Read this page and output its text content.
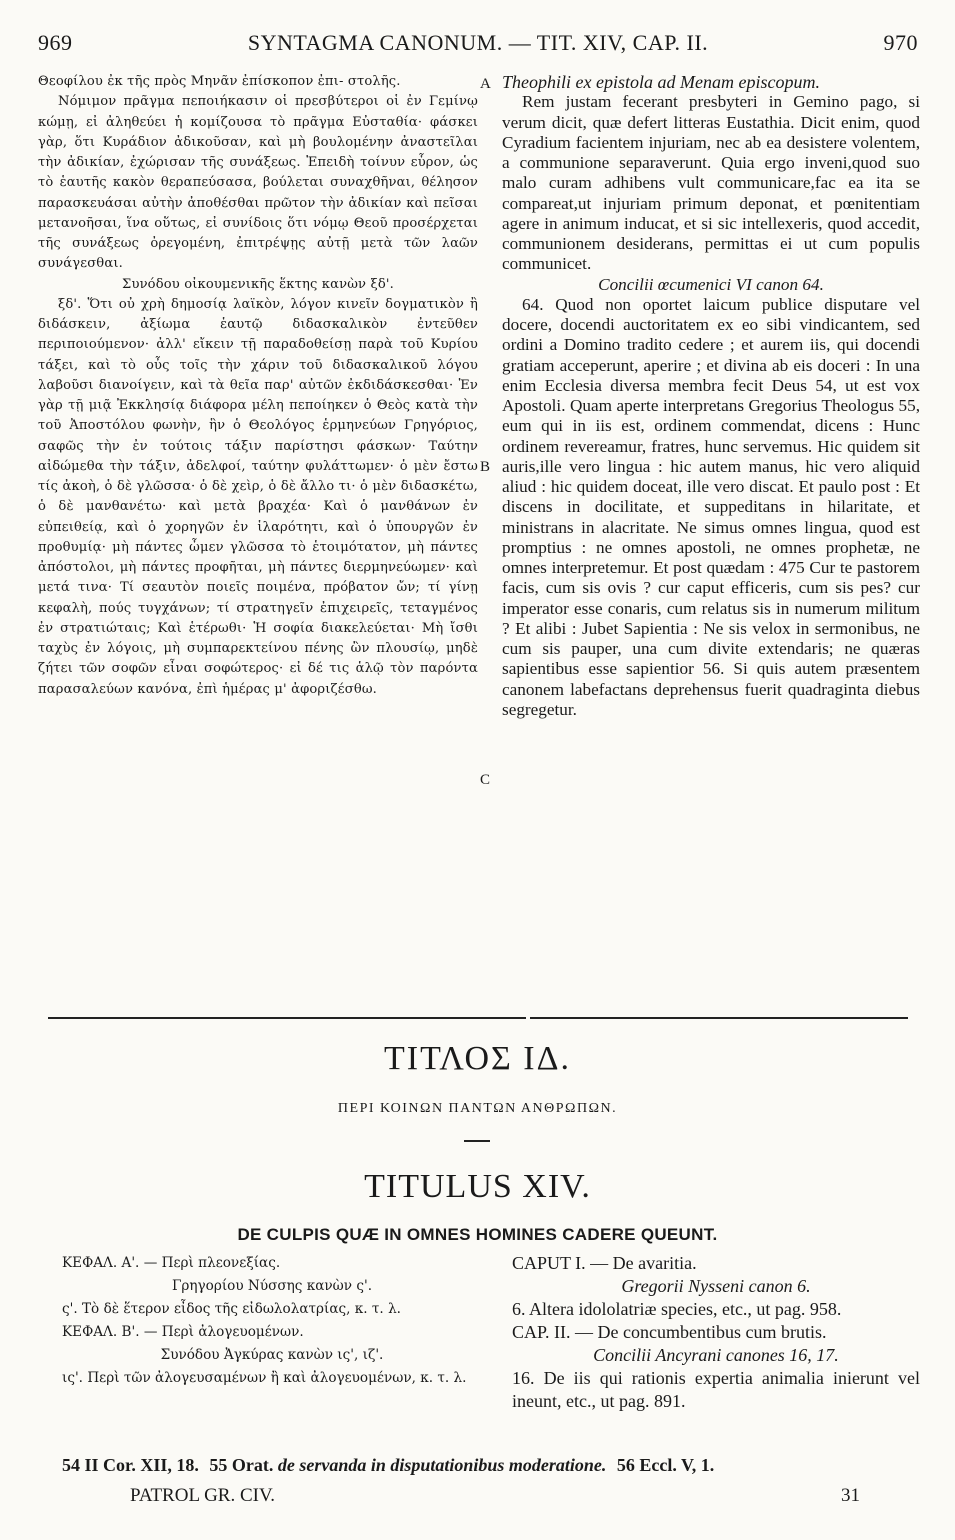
969	SYNTAGMA CANONUM. — TIT. XIV, CAP. II.	970
Θεοφίλου ἐκ τῆς πρὸς Μηνᾶν ἐπίσκοπον ἐπι- στολῆς.

Νόμιμον πρᾶγμα πεποιήκασιν οἱ πρεσβύτεροι οἱ ἐν Γεμίνῳ κώμῃ, εἰ ἀληθεύει ἡ κομίζουσα τὸ πρᾶγμα Εὐσταθία· φάσκει γὰρ, ὅτι Κυράδιον ἀδικοῦσαν, καὶ μὴ βουλομένην ἀναστεῖλαι τὴν ἀδικίαν, ἐχώρισαν τῆς συνάξεως. Ἐπειδὴ τοίνυν εὗρον, ὡς τὸ ἑαυτῆς κακὸν θεραπεύσασα, βούλεται συναχθῆναι, θέλησον παρασκευάσαι αὐτὴν ἀποθέσθαι πρῶτον τὴν ἀδικίαν καὶ πεῖσαι μετανοῆσαι, ἵνα οὕτως, εἰ συνίδοις ὅτι νόμῳ Θεοῦ προσέρχεται τῆς συνάξεως ὀρεγομένη, ἐπιτρέψῃς αὐτῇ μετὰ τῶν λαῶν συνάγεσθαι.

Συνόδου οἰκουμενικῆς ἕκτης κανὼν ξδ'.

ξδ'. Ὅτι οὐ χρὴ δημοσίᾳ λαϊκὸν, λόγον κινεῖν δογματικὸν ἢ διδάσκειν, ἀξίωμα ἑαυτῷ διδασκαλικὸν ἐντεῦθεν περιποιούμενον· ἀλλ' εἴκειν τῇ παραδοθείσῃ παρὰ τοῦ Κυρίου τάξει, καὶ τὸ οὖς τοῖς τὴν χάριν τοῦ διδασκαλικοῦ λόγου λαβοῦσι διανοίγειν, καὶ τὰ θεῖα παρ' αὐτῶν ἐκδιδάσκεσθαι· Ἐν γὰρ τῇ μιᾷ Ἐκκλησίᾳ διάφορα μέλη πεποίηκεν ὁ Θεὸς κατὰ τὴν τοῦ Ἀποστόλου φωνὴν, ἣν ὁ Θεολόγος ἑρμηνεύων Γρηγόριος, σαφῶς τὴν ἐν τούτοις τάξιν παρίστησι φάσκων· Ταύτην αἰδώμεθα τὴν τάξιν, ἀδελφοί, ταύτην φυλάττωμεν· ὁ μὲν ἔστω τίς ἀκοὴ, ὁ δὲ γλῶσσα· ὁ δὲ χεὶρ, ὁ δὲ ἄλλο τι· ὁ μὲν διδασκέτω, ὁ δὲ μανθανέτω· καὶ μετὰ βραχέα· Καὶ ὁ μανθάνων ἐν εὐπειθείᾳ, καὶ ὁ χορηγῶν ἐν ἱλαρότητι, καὶ ὁ ὑπουργῶν ἐν προθυμίᾳ· μὴ πάντες ὦμεν γλῶσσα τὸ ἑτοιμότατον, μὴ πάντες ἀπόστολοι, μὴ πάντες προφῆται, μὴ πάντες διερμηνεύωμεν· καὶ μετά τινα· Τί σεαυτὸν ποιεῖς ποιμένα, πρόβατον ὤν; τί γίνῃ κεφαλὴ, πούς τυγχάνων; τί στρατηγεῖν ἐπιχειρεῖς, τεταγμένος ἐν στρατιώταις; Καὶ ἑτέρωθι· Ἡ σοφία διακελεύεται· Μὴ ἴσθι ταχὺς ἐν λόγοις, μὴ συμπαρεκτείνου πένης ὢν πλουσίῳ, μηδὲ ζήτει τῶν σοφῶν εἶναι σοφώτερος· εἰ δέ τις ἁλῷ τὸν παρόντα παρασαλεύων κανόνα, ἐπὶ ἡμέρας μ' ἀφοριζέσθω.

A
B
C
Theophili ex epistola ad Menam episcopum.

Rem justam fecerant presbyteri in Gemino pago, si verum dicit, quæ defert litteras Eustathia. Dicit enim, quod Cyradium facientem injuriam, nec ab ea desistere volentem, a communione separaverunt. Quia ergo inveni,quod suo malo curam adhibens vult communicare,fac ea ita se compareat,ut injuriam primum deponat, et pœnitentiam agere in animum inducat, et si sic intellexeris, quod accedit, communionem desiderans, permittas ei ut cum populis communicet.

Concilii œcumenici VI canon 64.

64. Quod non oportet laicum publice disputare vel docere, docendi auctoritatem ex eo sibi vindicantem, sed ordini a Domino tradito cedere ; et aurem iis, qui docendi gratiam acceperunt, aperire ; et divina ab eis doceri : In una enim Ecclesia diversa membra fecit Deus 54, ut est vox Apostoli. Quam aperte interpretans Gregorius Theologus 55, eum qui in iis est, ordinem commendat, dicens : Hunc ordinem revereamur, fratres, hunc servemus. Hic quidem sit auris,ille vero lingua : hic autem manus, hic vero aliquid aliud : hic quidem doceat, ille vero discat. Et paulo post : Et discens in docilitate, et suppeditans in hilaritate, et ministrans in alacritate. Ne simus omnes lingua, quod est promptius : ne omnes apostoli, ne omnes prophetæ, ne omnes interpretemur. Et post quædam : 475 Cur te pastorem facis, cum sis ovis ? cur caput efficeris, cum sis pes? cur imperator esse conaris, cum relatus sis in numerum militum ? Et alibi : Jubet Sapientia : Ne sis velox in sermonibus, ne cum sis pauper, una cum divite extendaris; ne quæras sapientibus esse sapientior 56. Si quis autem præsentem canonem labefactans deprehensus fuerit quadraginta diebus segregetur.

ΤΙΤΛΟΣ ΙΔ.
ΠΕΡΙ ΚΟΙΝΩΝ ΠΑΝΤΩΝ ΑΝΘΡΩΠΩΝ.
TITULUS XIV.
DE CULPIS QUÆ IN OMNES HOMINES CADERE QUEUNT.
ΚΕΦΑΛ. Α'. — Περὶ πλεονεξίας.
Γρηγορίου Νύσσης κανὼν ς'.
ς'. Τὸ δὲ ἕτερον εἶδος τῆς εἰδωλολατρίας, κ. τ. λ.
ΚΕΦΑΛ. Β'. — Περὶ ἀλογευομένων.
Συνόδου Ἀγκύρας κανὼν ις', ιζ'.
ις'. Περὶ τῶν ἀλογευσαμένων ἢ καὶ ἀλογευομένων, κ. τ. λ.
CAPUT I. — De avaritia.
Gregorii Nysseni canon 6.
6. Altera idololatriæ species, etc., ut pag. 958.
CAP. II. — De concumbentibus cum brutis.
Concilii Ancyrani canones 16, 17.
16. De iis qui rationis expertia animalia inierunt vel ineunt, etc., ut pag. 891.
54 II Cor. XII, 18. 55 Orat. de servanda in disputationibus moderatione. 56 Eccl. V, 1.
PATROL GR. CIV.	31
